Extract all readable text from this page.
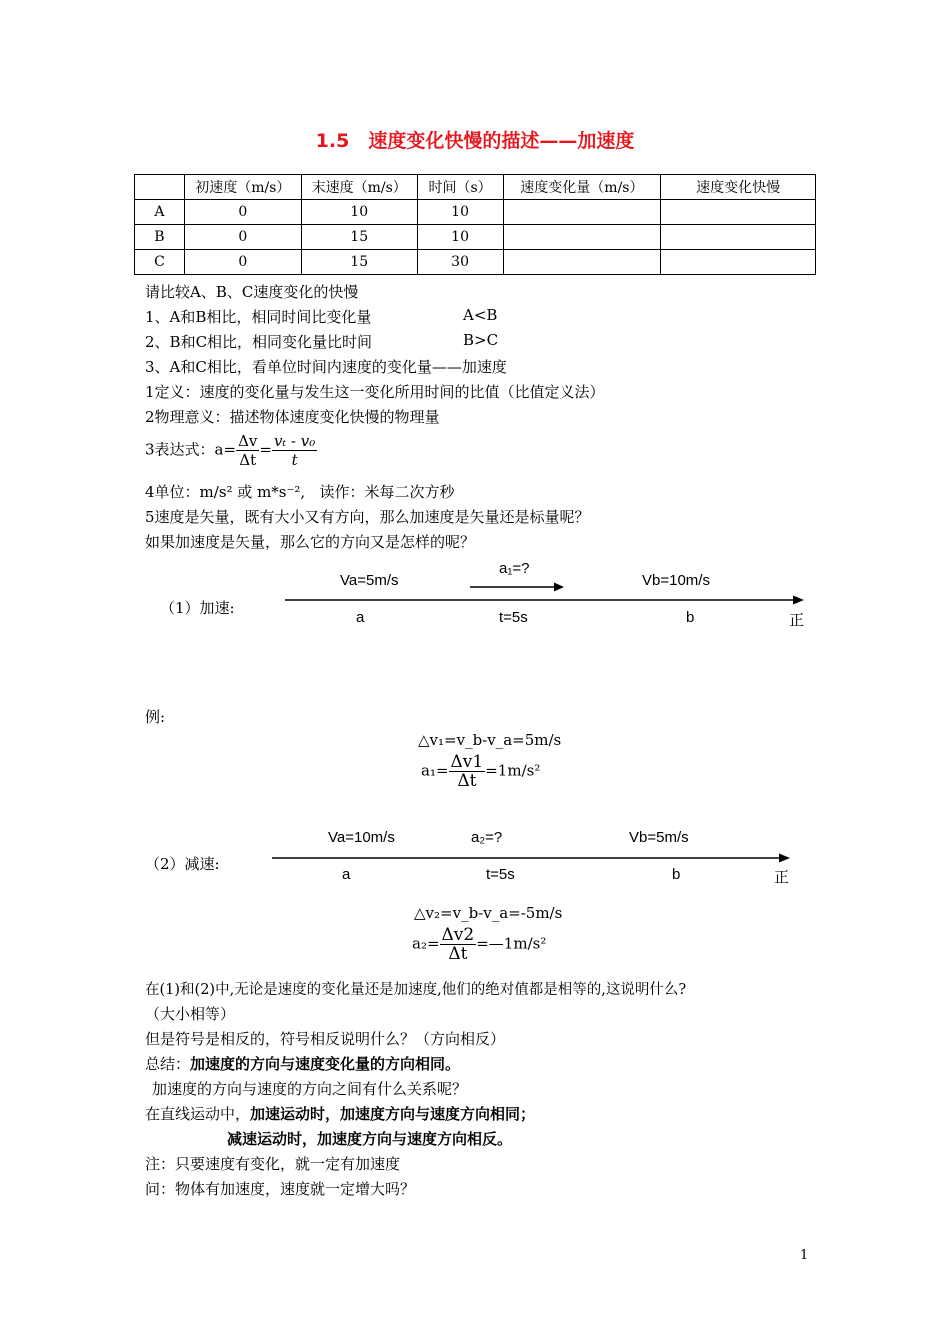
1.5　速度变化快慢的描述——加速度
	初速度（m/s）	末速度（m/s）	时间（s）	速度变化量（m/s）	速度变化快慢
A	0	10	10		
B	0	15	10		
C	0	15	30		
请比较A、B、C速度变化的快慢
1、A和B相比，相同时间比变化量	A<B
2、B和C相比，相同变化量比时间	B>C
3、A和C相比，看单位时间内速度的变化量——加速度
1定义：速度的变化量与发生这一变化所用时间的比值（比值定义法）
2物理意义：描述物体速度变化快慢的物理量
3表达式：$a= \frac{\Delta v}{\Delta t} = \frac{\text{vₜ - v₀}}{t}$
4单位：m/s² 或 m*s⁻², 读作：米每二次方秒
5速度是矢量，既有大小又有方向，那么加速度是矢量还是标量呢？
如果加速度是矢量，那么它的方向又是怎样的呢？
a₁=?
Va=5m/s	Vb=10m/s
（1）加速:
a	t=5s	b	正
例:
△v₁=v_b-v_a=5m/s
$a_1= \frac{\Delta v1}{\Delta t} =1m/s^2$
Va=10m/s	a₂=?	Vb=5m/s
（2）减速:
a	t=5s	b	正
△v₂=v_b-v_a=-5m/s
$a_2= \frac{\Delta v2}{\Delta t}$ =—1m/s²
在(1)和(2)中,无论是速度的变化量还是加速度,他们的绝对值都是相等的,这说明什么?
（大小相等）
但是符号是相反的，符号相反说明什么？（方向相反）
总结：加速度的方向与速度变化量的方向相同。
加速度的方向与速度的方向之间有什么关系呢？
在直线运动中，加速运动时，加速度方向与速度方向相同；
减速运动时，加速度方向与速度方向相反。
注：只要速度有变化，就一定有加速度
问：物体有加速度，速度就一定增大吗？
1
